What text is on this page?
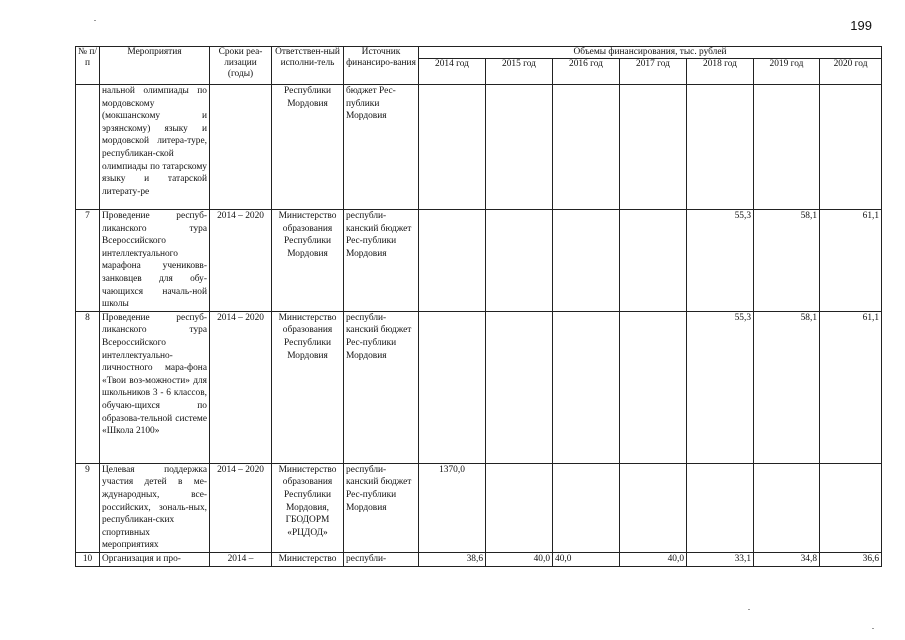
199
№ п/п	Мероприятия	Сроки реа-лизации (годы)	Ответствен-ный исполни-тель	Источник финансиро-вания	Объемы финансирования, тыс. рублей						
					2014 год	2015 год	2016 год	2017 год	2018 год	2019 год	2020 год
	нальной олимпиады по мордовскому (мокшанскому и эрзянскому) языку и мордовской литера-туре, республикан-ской олимпиады по татарскому языку и татарской литерату-ре		Республики Мордовия	бюджет Рес-публики Мордовия							
7	Проведение респуб-ликанского тура Всероссийского интеллектуального марафона учениковв-занковцев для обу-чающихся началь-ной школы	2014 – 2020	Министерство образования Республики Мордовия	республи-канский бюджет Рес-публики Мордовия					55,3	58,1	61,1
8	Проведение респуб-ликанского тура Всероссийского интеллектуально-личностного мара-фона «Твои воз-можности» для школьников 3 - 6 классов, обучаю-щихся по образова-тельной системе «Школа 2100»	2014 – 2020	Министерство образования Республики Мордовия	республи-канский бюджет Рес-публики Мордовия					55,3	58,1	61,1
9	Целевая поддержка участия детей в ме-ждународных, все-российских, зональ-ных, республикан-ских спортивных мероприятиях	2014 – 2020	Министерство образования Республики Мордовия, ГБОДОРМ «РЦДОД»	республи-канский бюджет Рес-публики Мордовия	1370,0						
10	Организация и про-	2014 –	Министерство	республи-	38,6	40,0	40,0	40,0	33,1	34,8	36,6
